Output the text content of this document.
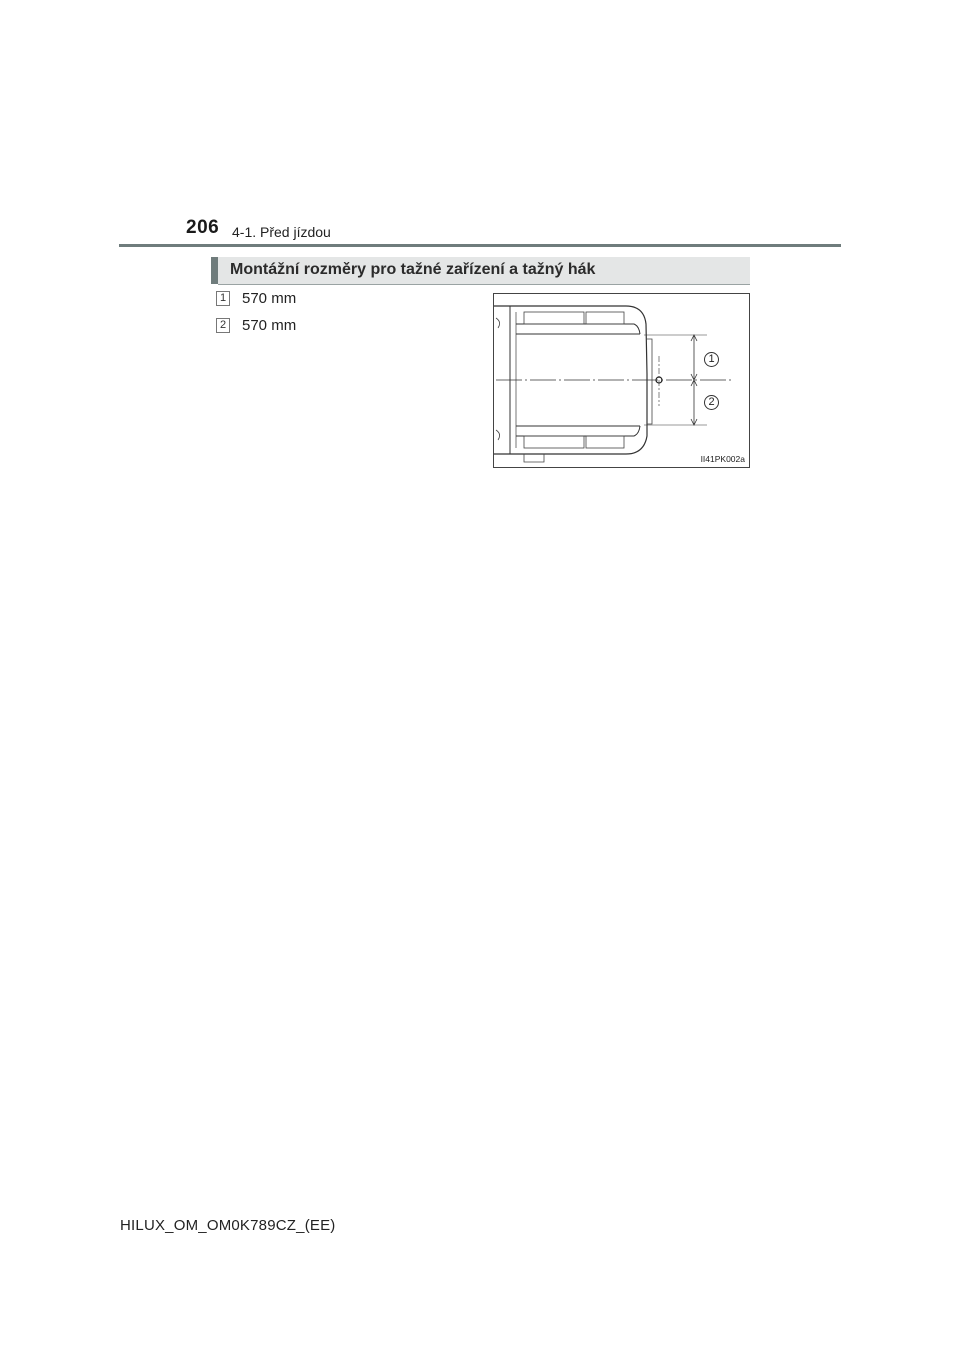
206 4-1. Před jízdou
Montážní rozměry pro tažné zařízení a tažný hák
1 570 mm
2 570 mm
1
2
II41PK002a
HILUX_OM_OM0K789CZ_(EE)
